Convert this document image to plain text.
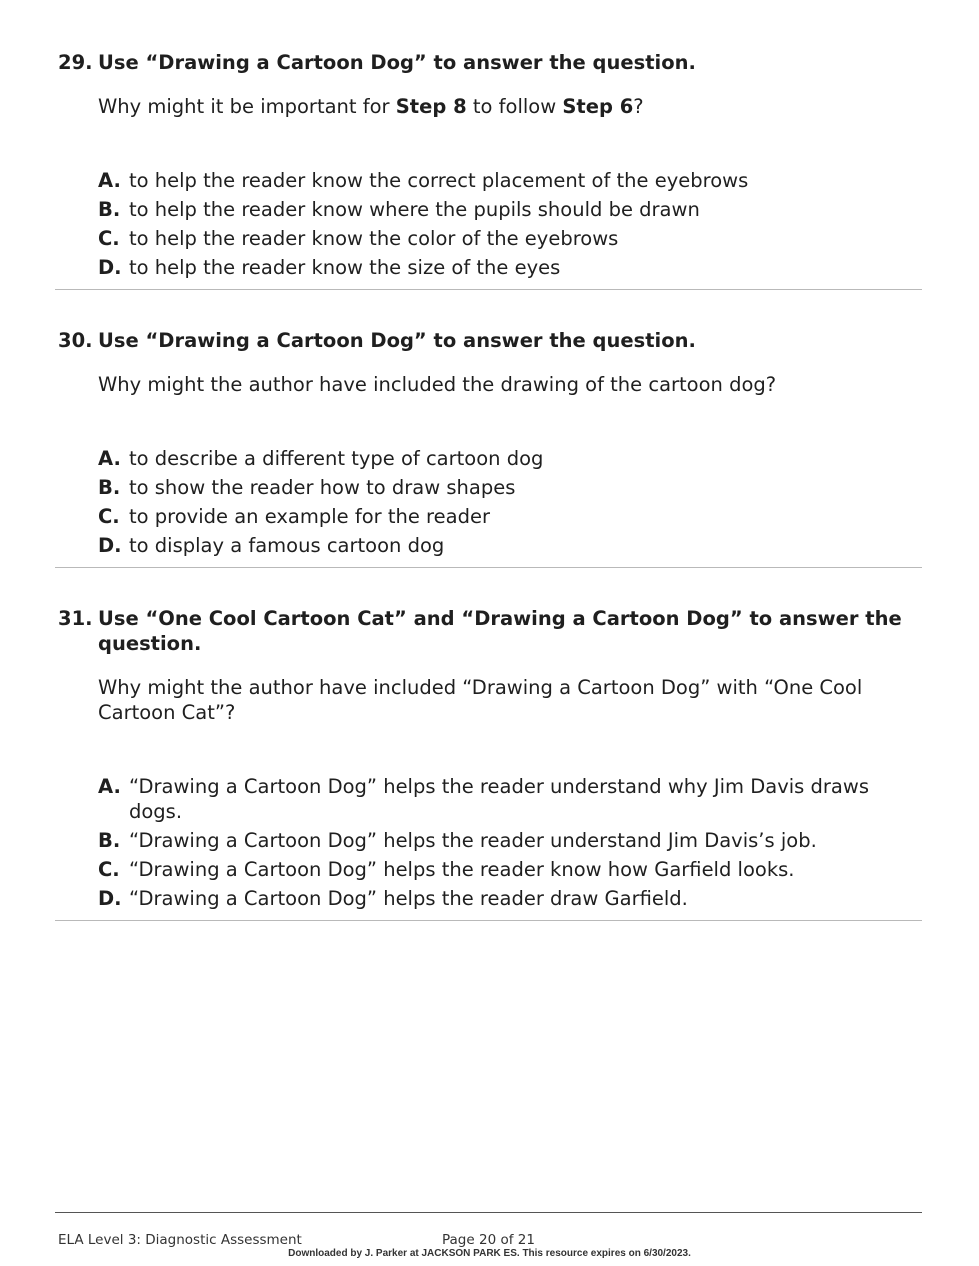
29. Use “Drawing a Cartoon Dog” to answer the question.
Why might it be important for Step 8 to follow Step 6?
A. to help the reader know the correct placement of the eyebrows
B. to help the reader know where the pupils should be drawn
C. to help the reader know the color of the eyebrows
D. to help the reader know the size of the eyes
30. Use “Drawing a Cartoon Dog” to answer the question.
Why might the author have included the drawing of the cartoon dog?
A. to describe a different type of cartoon dog
B. to show the reader how to draw shapes
C. to provide an example for the reader
D. to display a famous cartoon dog
31. Use “One Cool Cartoon Cat” and “Drawing a Cartoon Dog” to answer the question.
Why might the author have included “Drawing a Cartoon Dog” with “One Cool Cartoon Cat”?
A. “Drawing a Cartoon Dog” helps the reader understand why Jim Davis draws dogs.
B. “Drawing a Cartoon Dog” helps the reader understand Jim Davis’s job.
C. “Drawing a Cartoon Dog” helps the reader know how Garfield looks.
D. “Drawing a Cartoon Dog” helps the reader draw Garfield.
ELA Level 3: Diagnostic Assessment	Page 20 of 21
Downloaded by J. Parker at JACKSON PARK ES. This resource expires on 6/30/2023.
